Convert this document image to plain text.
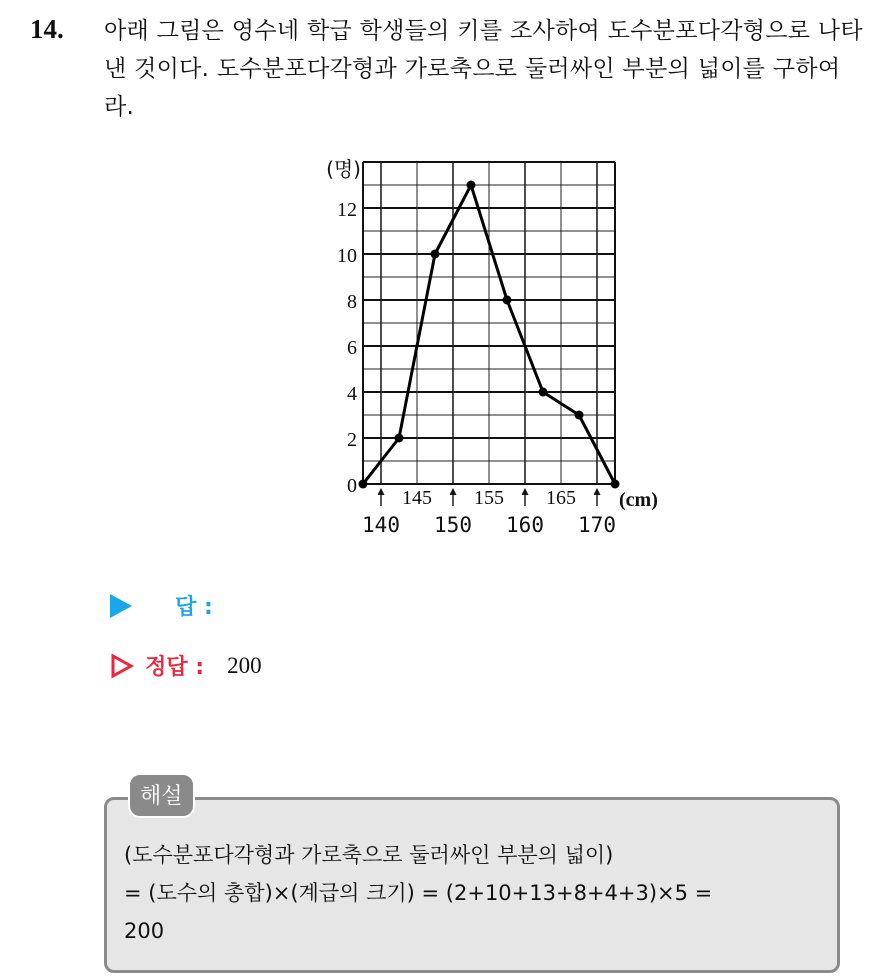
14. 아래 그림은 영수네 학급 학생들의 키를 조사하여 도수분포다각형으로 나타낸 것이다. 도수분포다각형과 가로축으로 둘러싸인 부분의 넓이를 구하여라.
0
2
4
6
8
10
12
(명)
140 150 160 170
145 155 165 (cm)
답 :
정답 : 200
해설
(도수분포다각형과 가로축으로 둘러싸인 부분의 넓이)
= (도수의 총합)×(계급의 크기) = (2+10+13+8+4+3)×5 =
200
